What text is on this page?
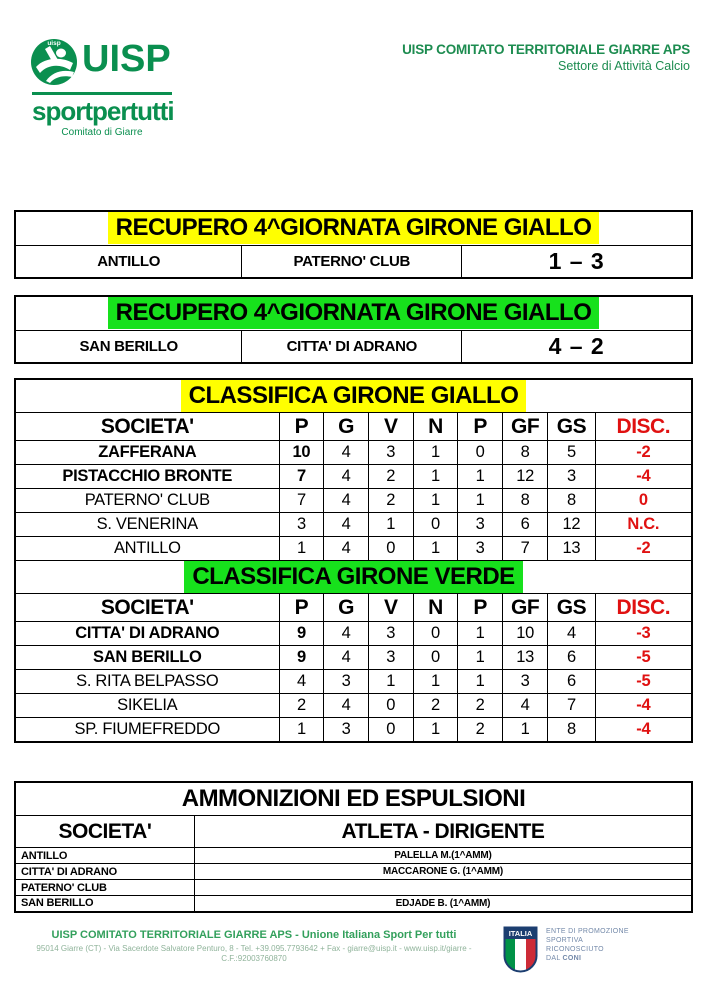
uisp UISP
sportpertutti
Comitato di Giarre
UISP COMITATO TERRITORIALE GIARRE APS
Settore di Attività Calcio
RECUPERO 4^GIORNATA GIRONE GIALLO
ANTILLO	PATERNO' CLUB	1 – 3
RECUPERO 4^GIORNATA GIRONE GIALLO
SAN BERILLO	CITTA' DI ADRANO	4 – 2
CLASSIFICA GIRONE GIALLO								
SOCIETA'	P	G	V	N	P	GF	GS	DISC.
ZAFFERANA	10	4	3	1	0	8	5	-2
PISTACCHIO BRONTE	7	4	2	1	1	12	3	-4
PATERNO' CLUB	7	4	2	1	1	8	8	0
S. VENERINA	3	4	1	0	3	6	12	N.C.
ANTILLO	1	4	0	1	3	7	13	-2
CLASSIFICA GIRONE VERDE								
SOCIETA'	P	G	V	N	P	GF	GS	DISC.
CITTA' DI ADRANO	9	4	3	0	1	10	4	-3
SAN BERILLO	9	4	3	0	1	13	6	-5
S. RITA BELPASSO	4	3	1	1	1	3	6	-5
SIKELIA	2	4	0	2	2	4	7	-4
SP. FIUMEFREDDO	1	3	0	1	2	1	8	-4
AMMONIZIONI ED ESPULSIONI	
SOCIETA'	ATLETA - DIRIGENTE
ANTILLO	PALELLA M.(1^AMM)
CITTA' DI ADRANO	MACCARONE G. (1^AMM)
PATERNO' CLUB	
SAN BERILLO	EDJADE B. (1^AMM)
UISP COMITATO TERRITORIALE GIARRE APS - Unione Italiana Sport Per tutti
95014 Giarre (CT) - Via Sacerdote Salvatore Penturo, 8 - Tel. +39.095.7793642 + Fax - giarre@uisp.it - www.uisp.it/giarre -
C.F.:92003760870
ITALIA ENTE DI PROMOZIONE
SPORTIVA
RICONOSCIUTO
DAL CONI
